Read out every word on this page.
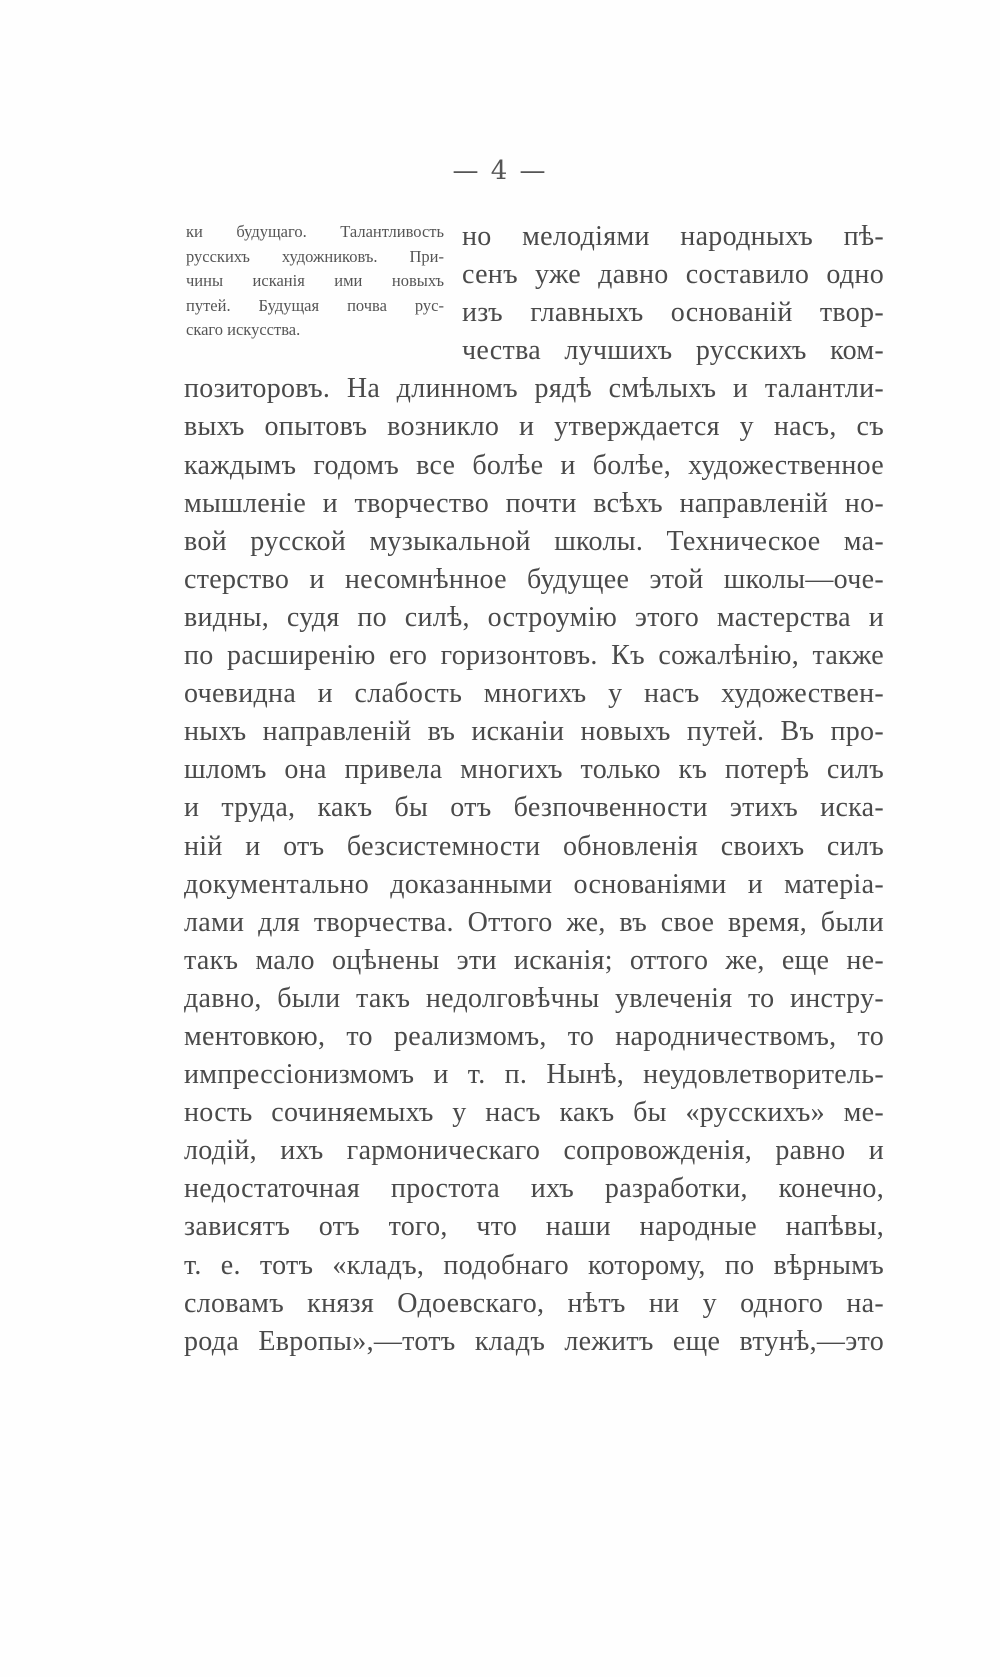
— 4 —
ки будущаго. Талантливость
русскихъ художниковъ. При-
чины исканія ими новыхъ
путей. Будущая почва рус-
скаго искусства.
но мелодіями народныхъ пѣ-
сенъ уже давно составило одно
изъ главныхъ основаній твор-
чества лучшихъ русскихъ ком-
позиторовъ. На длинномъ рядѣ смѣлыхъ и талантли-
выхъ опытовъ возникло и утверждается у насъ, съ
каждымъ годомъ все болѣе и болѣе, художественное
мышленіе и творчество почти всѣхъ направленій но-
вой русской музыкальной школы. Техническое ма-
стерство и несомнѣнное будущее этой школы—оче-
видны, судя по силѣ, остроумію этого мастерства и
по расширенію его горизонтовъ. Къ сожалѣнію, также
очевидна и слабость многихъ у насъ художествен-
ныхъ направленій въ исканіи новыхъ путей. Въ про-
шломъ она привела многихъ только къ потерѣ силъ
и труда, какъ бы отъ безпочвенности этихъ иска-
ній и отъ безсистемности обновленія своихъ силъ
документально доказанными основаніями и матеріа-
лами для творчества. Оттого же, въ свое время, были
такъ мало оцѣнены эти исканія; оттого же, еще не-
давно, были такъ недолговѣчны увлеченія то инстру-
ментовкою, то реализмомъ, то народничествомъ, то
импрессіонизмомъ и т. п. Нынѣ, неудовлетворитель-
ность сочиняемыхъ у насъ какъ бы «русскихъ» ме-
лодій, ихъ гармоническаго сопровожденія, равно и
недостаточная простота ихъ разработки, конечно,
зависятъ отъ того, что наши народные напѣвы,
т. е. тотъ «кладъ, подобнаго которому, по вѣрнымъ
словамъ князя Одоевскаго, нѣтъ ни у одного на-
рода Европы»,—тотъ кладъ лежитъ еще втунѣ,—это
